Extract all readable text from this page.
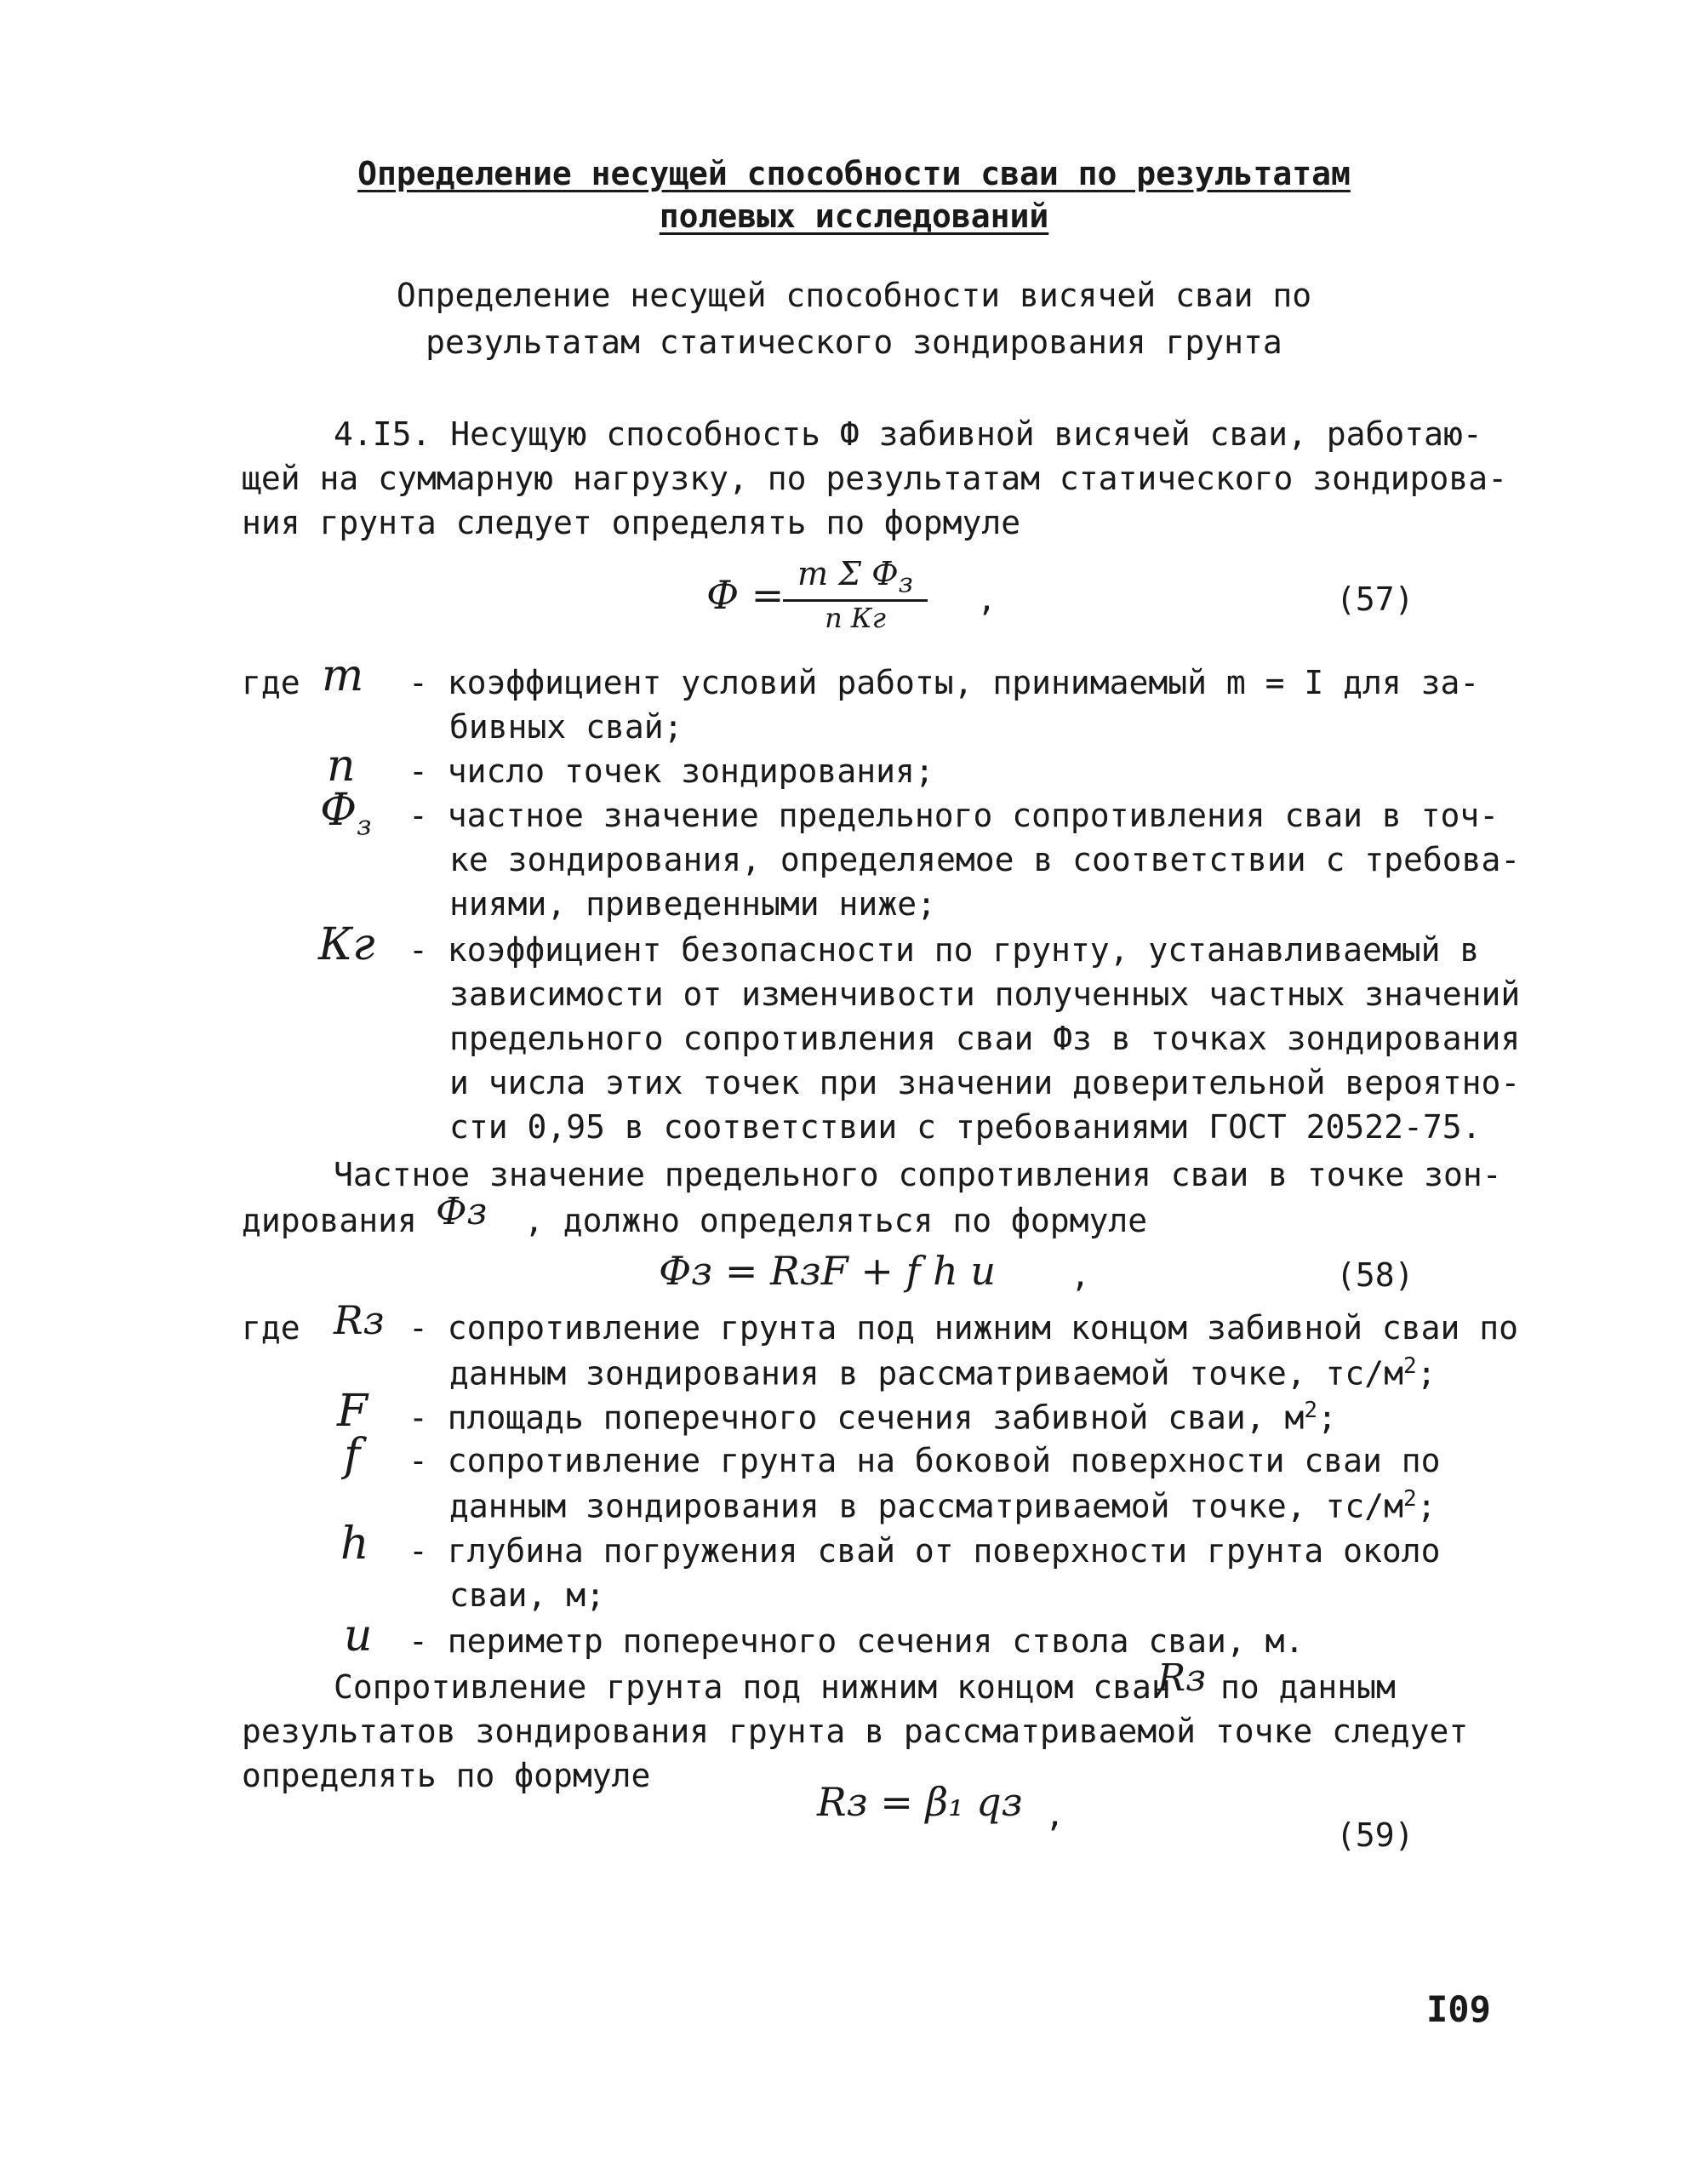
Определение несущей способности сваи по результатам
полевых исследований
Определение несущей способности висячей сваи по
результатам статического зондирования грунта
4.I5. Несущую способность Ф забивной висячей сваи, работаю-
щей на суммарную нагрузку, по результатам статического зондирова-
ния грунта следует определять по формуле
Ф = m Σ $Ф_з$
n Кг	,	(57)
где m - коэффициент условий работы, принимаемый m = I для за-
бивных свай;
n - число точек зондирования;
$Ф_з$ - частное значение предельного сопротивления сваи в точ-
ке зондирования, определяемое в соответствии с требова-
ниями, приведенными ниже;
Кг - коэффициент безопасности по грунту, устанавливаемый в
зависимости от изменчивости полученных частных значений
предельного сопротивления сваи Фз в точках зондирования
и числа этих точек при значении доверительной вероятно-
сти 0,95 в соответствии с требованиями ГОСТ 20522-75.
Частное значение предельного сопротивления сваи в точке зон-
дирования Фз , должно определяться по формуле
Фз = RзF + f h u ,	(58)
где Rз - сопротивление грунта под нижним концом забивной сваи по
данным зондирования в рассматриваемой точке, $тс/м^2$;
F - площадь поперечного сечения забивной сваи, $м^2$;
f - сопротивление грунта на боковой поверхности сваи по
данным зондирования в рассматриваемой точке, $тс/м^2$;
h - глубина погружения свай от поверхности грунта около
сваи, м;
u - периметр поперечного сечения ствола сваи, м.
Сопротивление грунта под нижним концом сваи
Rз по данным
результатов зондирования грунта в рассматриваемой точке следует
определять по формуле
Rз = β₁ qз ,
(59)
I09
